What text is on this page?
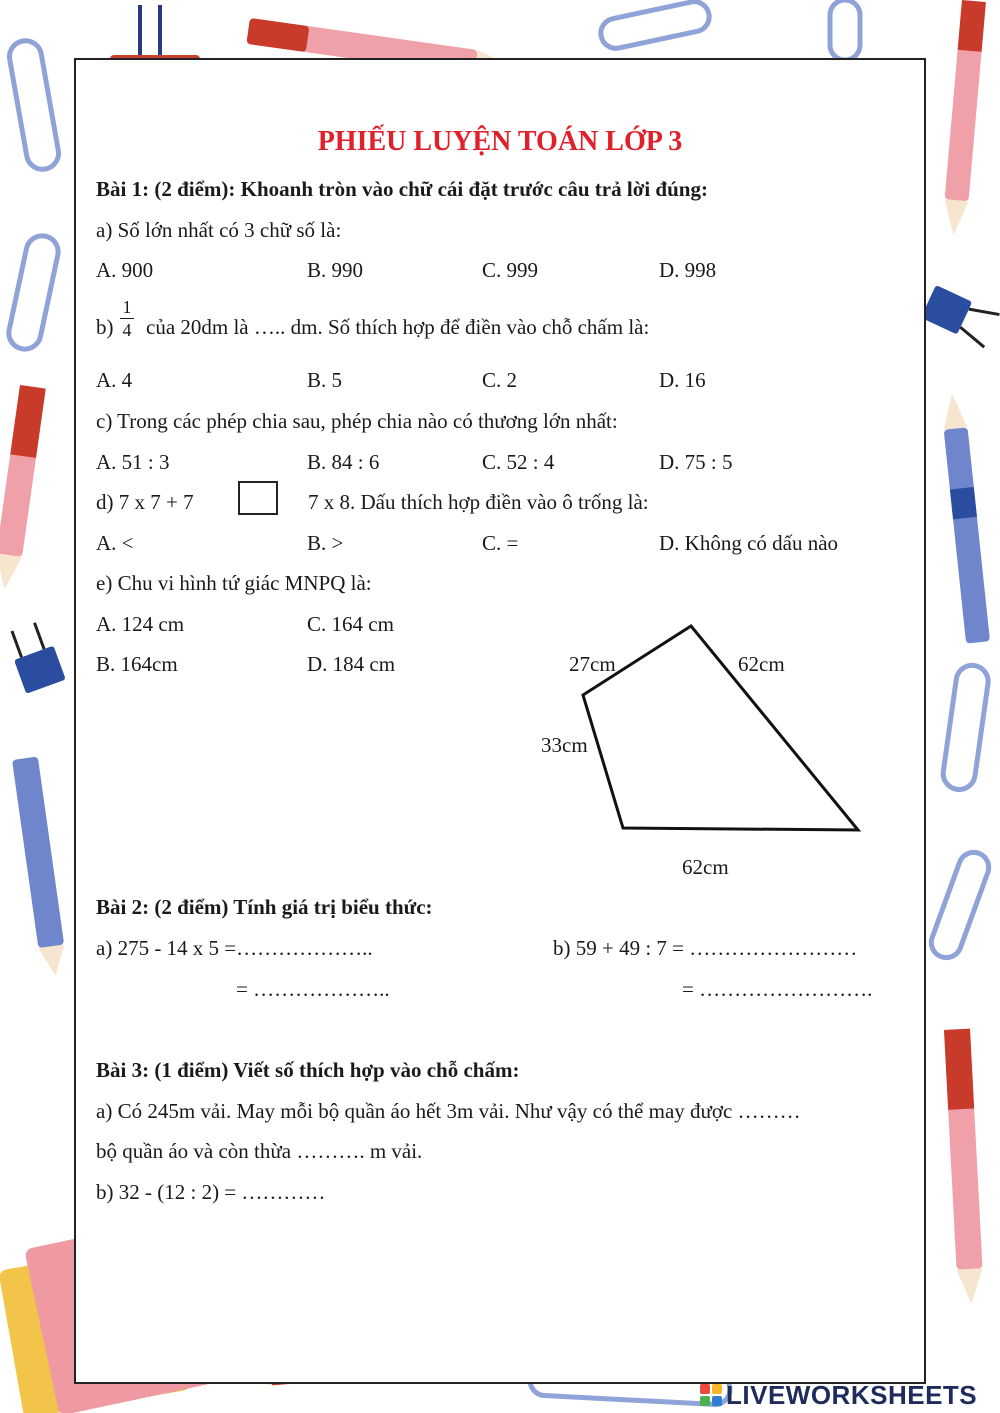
PHIẾU LUYỆN TOÁN LỚP 3
Bài 1: (2 điểm): Khoanh tròn vào chữ cái đặt trước câu trả lời đúng:
a) Số lớn nhất có 3 chữ số là:
A. 900	B. 990	C. 999	D. 998
b)
1
4 của 20dm là ….. dm. Số thích hợp để điền vào chỗ chấm là:
A. 4	B. 5	C. 2	D. 16
c) Trong các phép chia sau, phép chia nào có thương lớn nhất:
A. 51 : 3	B. 84 : 6	C. 52 : 4	D. 75 : 5
d) 7 x 7 + 7	7 x 8. Dấu thích hợp điền vào ô trống là:
A. <	B. >	C. =	D. Không có dấu nào
e) Chu vi hình tứ giác MNPQ là:
A. 124 cm	C. 164 cm
B. 164cm	D. 184 cm	27cm	62cm
33cm
62cm
Bài 2: (2 điểm) Tính giá trị biểu thức:
a) 275 - 14 x 5 =………………..
= ………………..
b) 59 + 49 : 7 = ……………………
= …………………….
Bài 3: (1 điểm) Viết số thích hợp vào chỗ chấm:
a) Có 245m vải. May mỗi bộ quần áo hết 3m vải. Như vậy có thể may được ………
bộ quần áo và còn thừa ………. m vải.
b) 32 - (12 : 2) = …………
LIVEWORKSHEETS
